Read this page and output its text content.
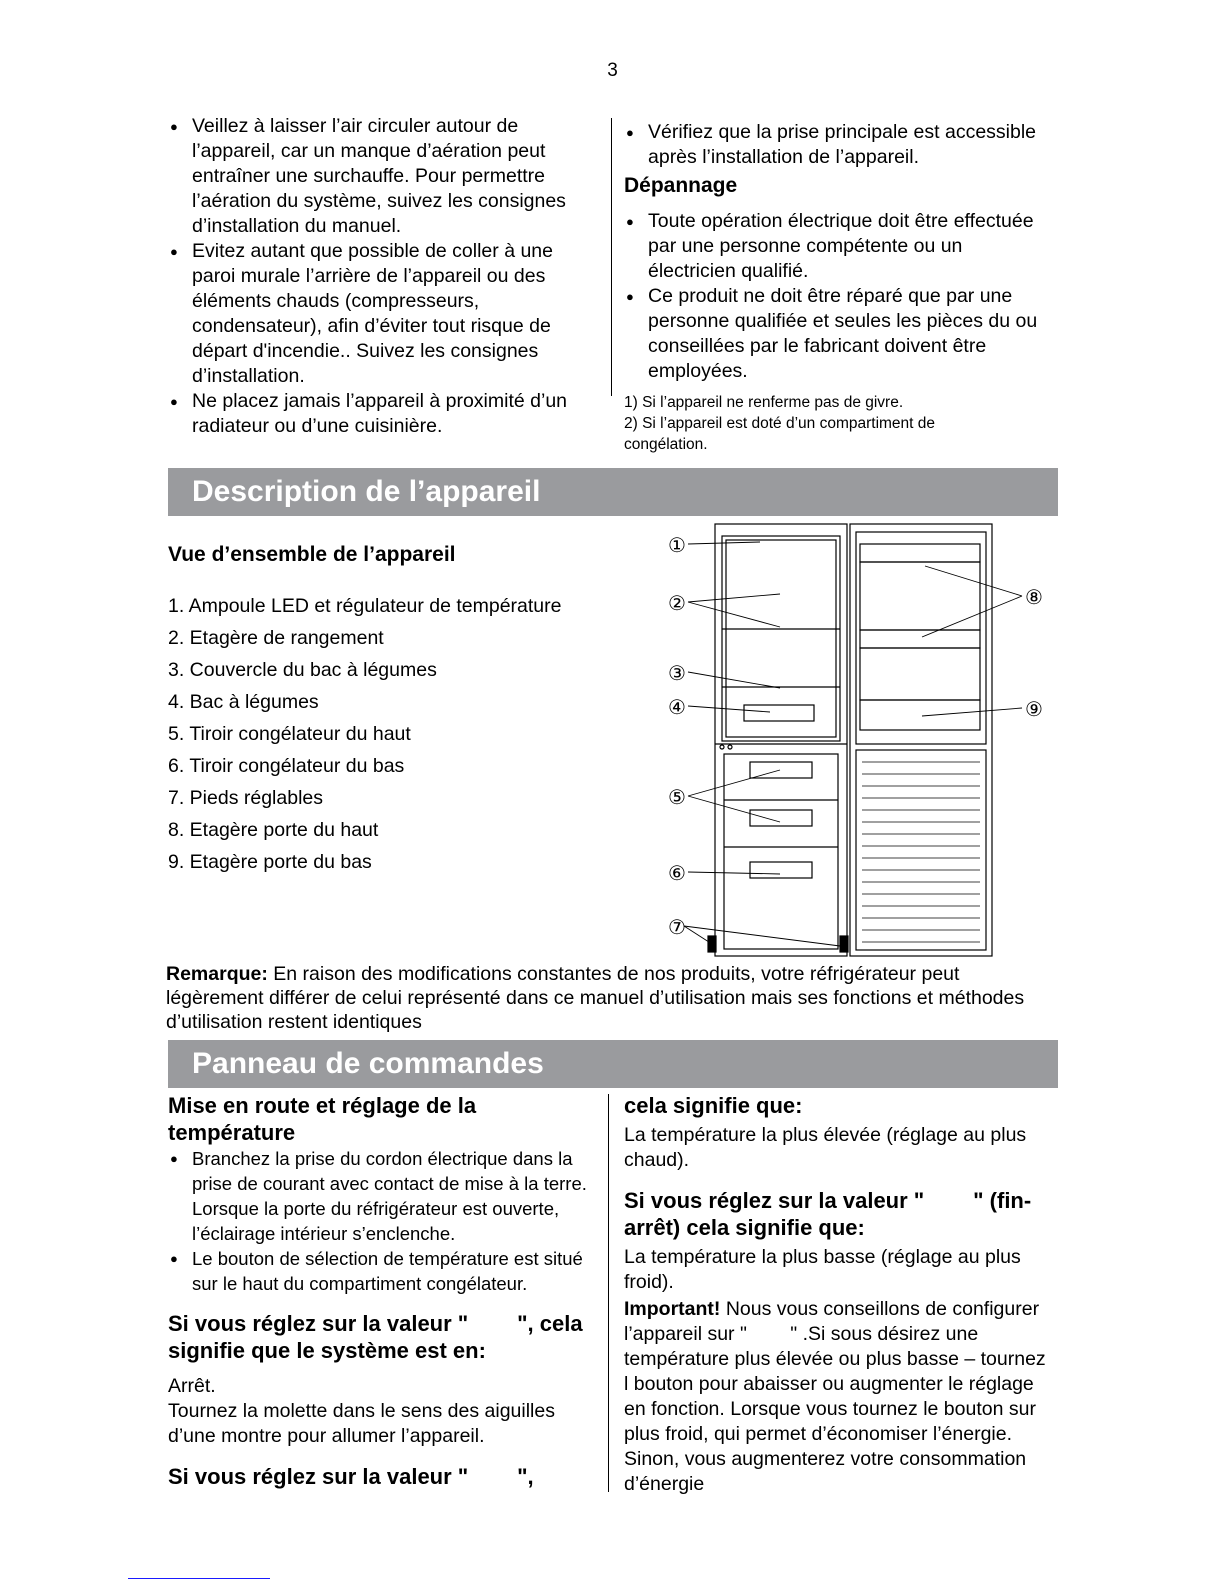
3
● Veillez à laisser l’air circuler autour de l’appareil, car un manque d’aération peut entraîner une surchauffe. Pour permettre l’aération du système, suivez les consignes d’installation du manuel.
● Evitez autant que possible de coller à une paroi murale l’arrière de l’appareil ou des éléments chauds (compresseurs, condensateur), afin d’éviter tout risque de départ d'incendie.. Suivez les consignes d’installation.
● Ne placez jamais l’appareil à proximité d’un radiateur ou d’une cuisinière.
● Vérifiez que la prise principale est accessible après l’installation de l’appareil.
Dépannage
● Toute opération électrique doit être effectuée par une personne compétente ou un électricien qualifié.
● Ce produit ne doit être réparé que par une personne qualifiée et seules les pièces du ou conseillées par le fabricant doivent être employées.
1) Si l’appareil ne renferme pas de givre.
2) Si l’appareil est doté d’un compartiment de congélation.
Description de l’appareil
Vue d’ensemble de l’appareil
1. Ampoule LED et régulateur de température
2. Etagère de rangement
3. Couvercle du bac à légumes
4. Bac à légumes
5. Tiroir congélateur du haut
6. Tiroir congélateur du bas
7. Pieds réglables
8. Etagère porte du haut
9. Etagère porte du bas
①
②
③
④
⑤
⑥
⑦
⑧
⑨
Remarque: En raison des modifications constantes de nos produits, votre réfrigérateur peut légèrement différer de celui représenté dans ce manuel d’utilisation mais ses fonctions et méthodes d’utilisation restent identiques
Panneau de commandes
Mise en route et réglage de la température
● Branchez la prise du cordon électrique dans la prise de courant avec contact de mise à la terre. Lorsque la porte du réfrigérateur est ouverte, l’éclairage intérieur s’enclenche.
● Le bouton de sélection de température est situé sur le haut du compartiment congélateur.
Si vous réglez sur la valeur "        ", cela  signifie que le système est en:
Arrêt.
Tournez la molette dans le sens des aiguilles d’une montre pour allumer l’appareil.
Si vous réglez sur la valeur "        ",
cela signifie que:
La température la plus élevée (réglage au plus chaud).
Si vous réglez sur la valeur "        " (fin-arrêt) cela signifie que:
La température la plus basse (réglage au plus froid).
Important! Nous vous conseillons de configurer l’appareil sur "        " .Si sous désirez une température plus élevée ou plus basse – tournez l bouton pour abaisser ou augmenter le réglage en fonction. Lorsque vous tournez le bouton sur plus froid, qui permet d’économiser l’énergie. Sinon, vous augmenterez votre consommation d’énergie
